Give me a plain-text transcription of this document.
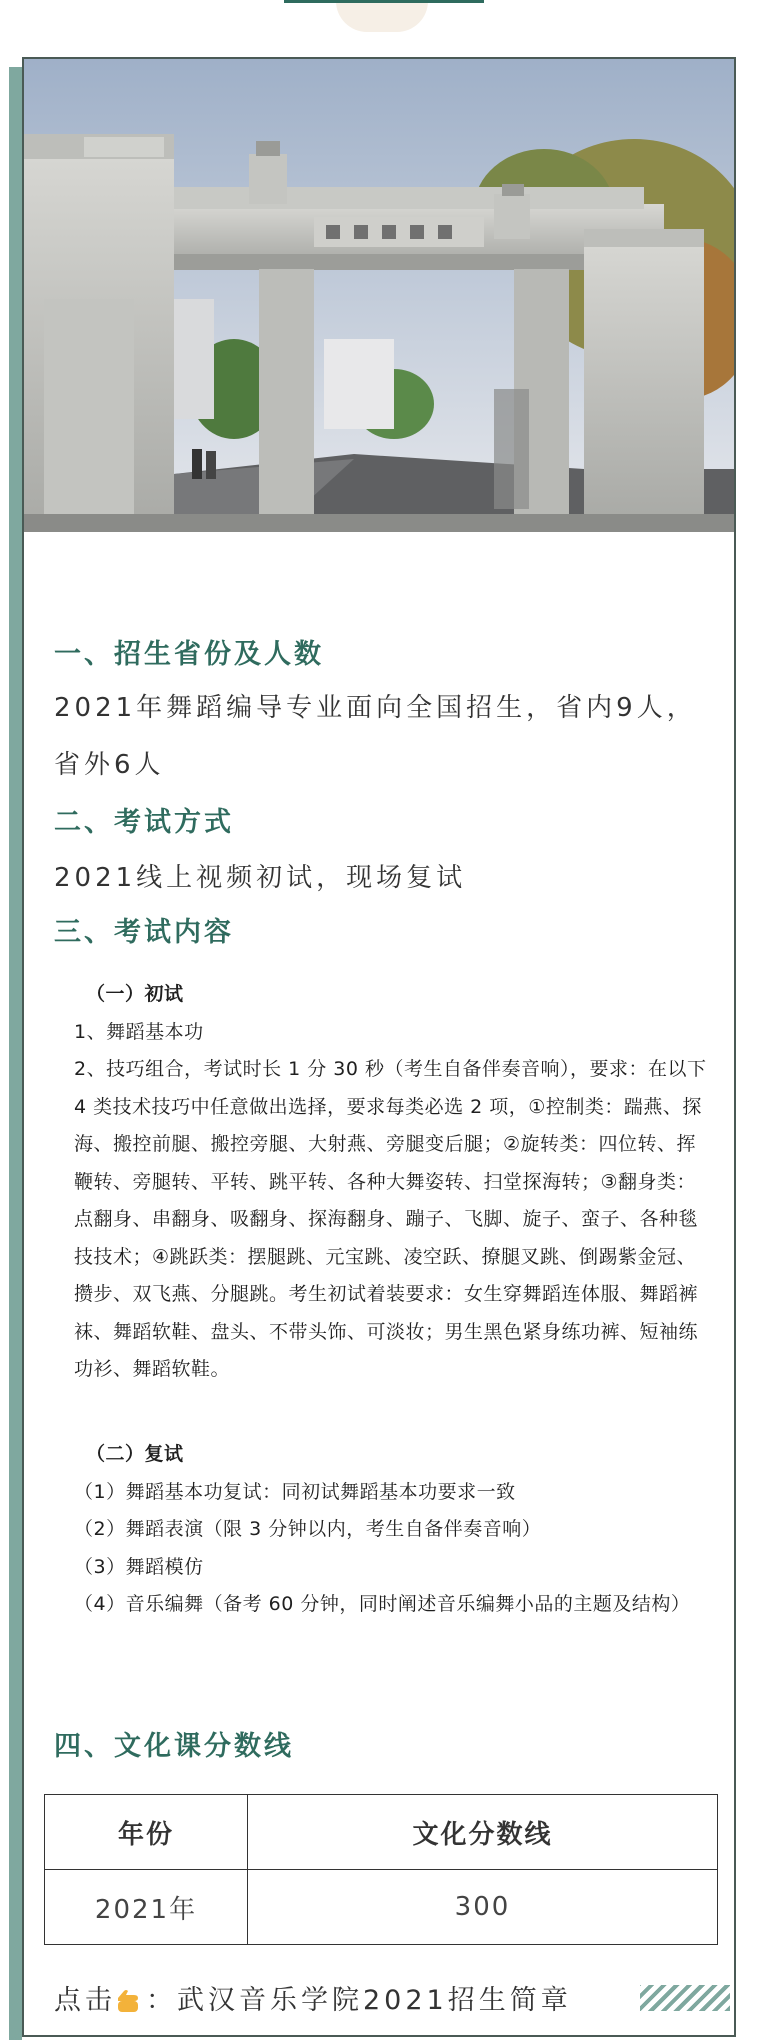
一、招生省份及人数
2021年舞蹈编导专业面向全国招生，省内9人，省外6人
二、考试方式
2021线上视频初试，现场复试
三、考试内容
（一）初试
1、舞蹈基本功
2、技巧组合，考试时长 1 分 30 秒（考生自备伴奏音响），要求：在以下 4 类技术技巧中任意做出选择，要求每类必选 2 项，①控制类：踹燕、探海、搬控前腿、搬控旁腿、大射燕、旁腿变后腿；②旋转类：四位转、挥鞭转、旁腿转、平转、跳平转、各种大舞姿转、扫堂探海转；③翻身类：点翻身、串翻身、吸翻身、探海翻身、蹦子、飞脚、旋子、蛮子、各种毯技技术；④跳跃类：摆腿跳、元宝跳、凌空跃、撩腿叉跳、倒踢紫金冠、攒步、双飞燕、分腿跳。考生初试着装要求：女生穿舞蹈连体服、舞蹈裤袜、舞蹈软鞋、盘头、不带头饰、可淡妆；男生黑色紧身练功裤、短袖练功衫、舞蹈软鞋。
（二）复试
（1）舞蹈基本功复试：同初试舞蹈基本功要求一致
（2）舞蹈表演（限 3 分钟以内，考生自备伴奏音响）
（3）舞蹈模仿
（4）音乐编舞（备考 60 分钟，同时阐述音乐编舞小品的主题及结构）
四、文化课分数线
年份	文化分数线
2021年	300
点击 ：武汉音乐学院2021招生简章
